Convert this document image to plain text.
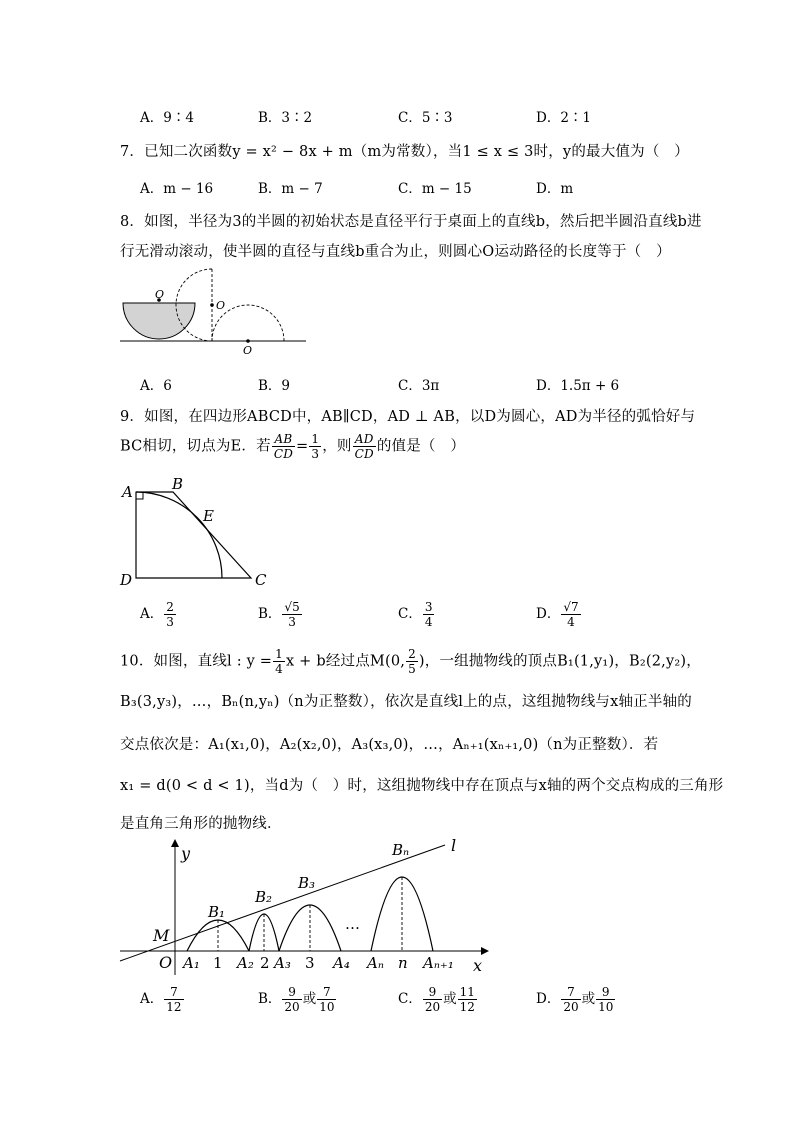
A．9∶4	B．3∶2	C．5∶3	D．2∶1
7．已知二次函数y = x² − 8x + m（m为常数），当1 ≤ x ≤ 3时，y的最大值为（　）
A．m − 16	B．m − 7	C．m − 15	D．m
8．如图，半径为3的半圆的初始状态是直径平行于桌面上的直线b，然后把半圆沿直线b进
行无滑动滚动，使半圆的直径与直线b重合为止，则圆心O运动路径的长度等于（　）
O
O
O
A．6	B．9	C．3π	D．1.5π + 6
9．如图，在四边形ABCD中，AB∥CD，AD ⊥ AB，以D为圆心，AD为半径的弧恰好与
BC相切，切点为E．若 $\frac{AB}{CD} = \frac{1}{3}$ ，则 $\frac{AD}{CD}$ 的值是（　）
A	B
E
D	C
A． $\frac{2}{3}$	B． $\frac{√5}{3}$	C． $\frac{3}{4}$	D． $\frac{√7}{4}$
10．如图，直线l : $y = \frac{1}{4}$ x + b经过点M(0, $\frac{2}{5}$ )，一组抛物线的顶点B₁(1,y₁)，B₂(2,y₂)，
B₃(3,y₃)，…，Bₙ(n,yₙ)（n为正整数），依次是直线l上的点，这组抛物线与x轴正半轴的
交点依次是：A₁(x₁,0)，A₂(x₂,0)，A₃(x₃,0)，…，Aₙ₊₁(xₙ₊₁,0)（n为正整数）．若
x₁ = d(0 < d < 1)，当d为（　）时，这组抛物线中存在顶点与x轴的两个交点构成的三角形
是直角三角形的抛物线．
y
x
l
M
O
B₁
B₂
B₃
Bₙ
A₁ 1 A₂ 2 A₃ 3 A₄
…
Aₙ n Aₙ₊₁
A． $\frac{7}{12}$	B． $\frac{9}{20}$ 或 $\frac{7}{10}$	C． $\frac{9}{20}$ 或 $\frac{11}{12}$	D． $\frac{7}{20}$ 或 $\frac{9}{10}$
